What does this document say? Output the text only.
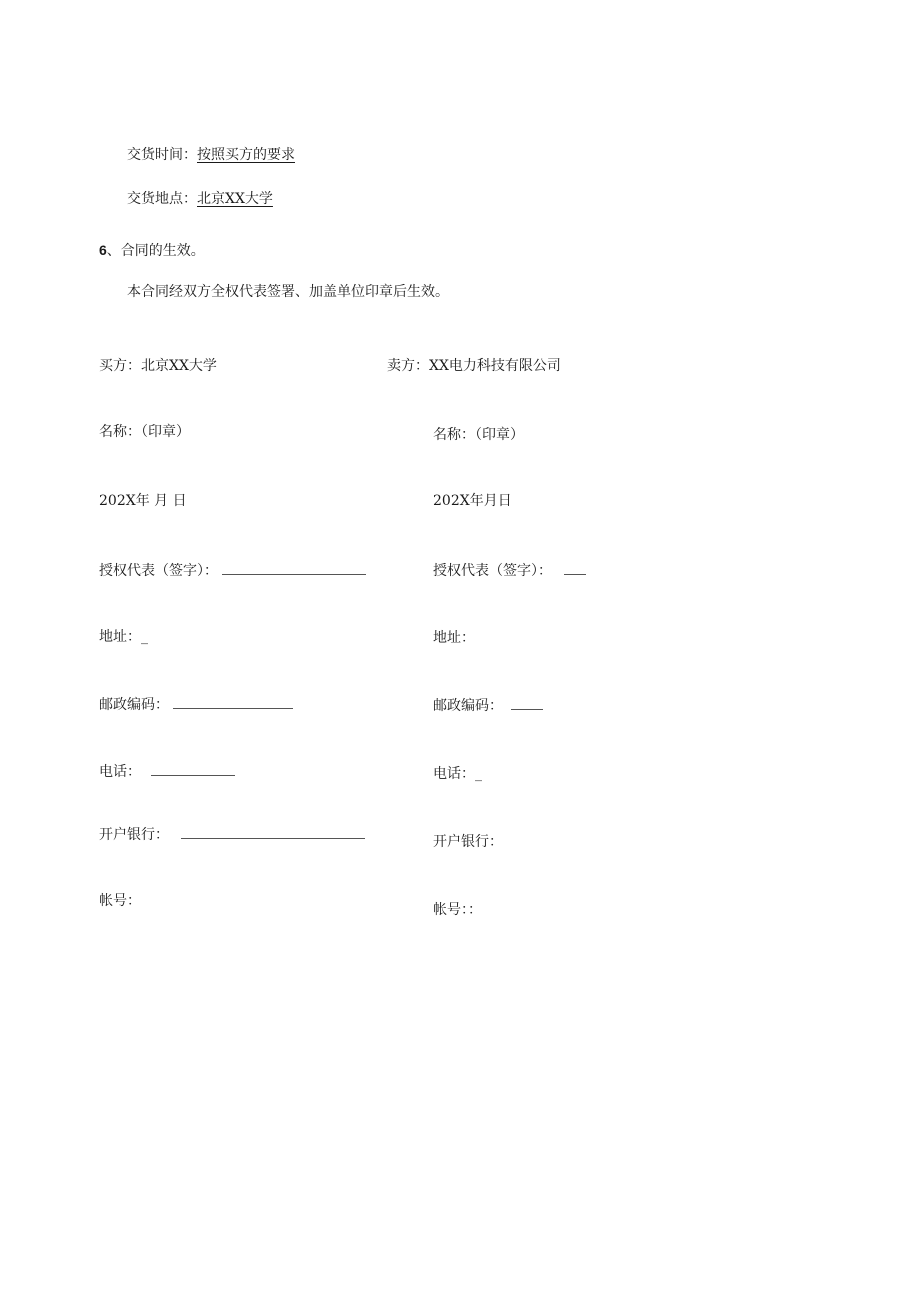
交货时间：按照买方的要求
交货地点：北京XX大学
6、合同的生效。
本合同经双方全权代表签署、加盖单位印章后生效。
买方：北京XX大学
名称：（印章）
202X年 月 日
授权代表（签字）：
地址：_
邮政编码：
电话：
开户银行：
帐号：
卖方：XX电力科技有限公司
名称：（印章）
202X年月日
授权代表（签字）：
地址：
邮政编码：
电话：_
开户银行：
帐号：：
